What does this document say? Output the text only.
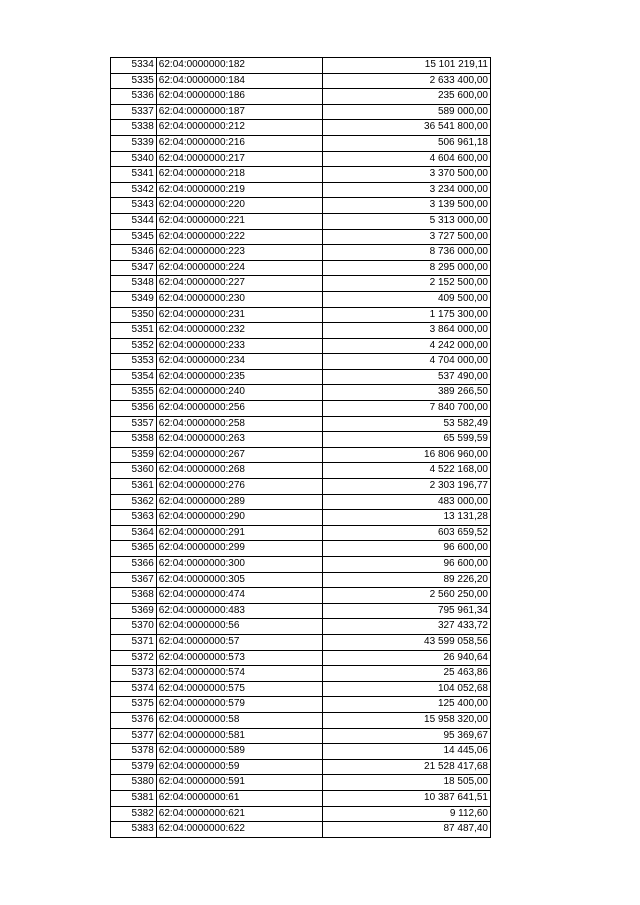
5334	62:04:0000000:182	15 101 219,11
5335	62:04:0000000:184	2 633 400,00
5336	62:04:0000000:186	235 600,00
5337	62:04:0000000:187	589 000,00
5338	62:04:0000000:212	36 541 800,00
5339	62:04:0000000:216	506 961,18
5340	62:04:0000000:217	4 604 600,00
5341	62:04:0000000:218	3 370 500,00
5342	62:04:0000000:219	3 234 000,00
5343	62:04:0000000:220	3 139 500,00
5344	62:04:0000000:221	5 313 000,00
5345	62:04:0000000:222	3 727 500,00
5346	62:04:0000000:223	8 736 000,00
5347	62:04:0000000:224	8 295 000,00
5348	62:04:0000000:227	2 152 500,00
5349	62:04:0000000:230	409 500,00
5350	62:04:0000000:231	1 175 300,00
5351	62:04:0000000:232	3 864 000,00
5352	62:04:0000000:233	4 242 000,00
5353	62:04:0000000:234	4 704 000,00
5354	62:04:0000000:235	537 490,00
5355	62:04:0000000:240	389 266,50
5356	62:04:0000000:256	7 840 700,00
5357	62:04:0000000:258	53 582,49
5358	62:04:0000000:263	65 599,59
5359	62:04:0000000:267	16 806 960,00
5360	62:04:0000000:268	4 522 168,00
5361	62:04:0000000:276	2 303 196,77
5362	62:04:0000000:289	483 000,00
5363	62:04:0000000:290	13 131,28
5364	62:04:0000000:291	603 659,52
5365	62:04:0000000:299	96 600,00
5366	62:04:0000000:300	96 600,00
5367	62:04:0000000:305	89 226,20
5368	62:04:0000000:474	2 560 250,00
5369	62:04:0000000:483	795 961,34
5370	62:04:0000000:56	327 433,72
5371	62:04:0000000:57	43 599 058,56
5372	62:04:0000000:573	26 940,64
5373	62:04:0000000:574	25 463,86
5374	62:04:0000000:575	104 052,68
5375	62:04:0000000:579	125 400,00
5376	62:04:0000000:58	15 958 320,00
5377	62:04:0000000:581	95 369,67
5378	62:04:0000000:589	14 445,06
5379	62:04:0000000:59	21 528 417,68
5380	62:04:0000000:591	18 505,00
5381	62:04:0000000:61	10 387 641,51
5382	62:04:0000000:621	9 112,60
5383	62:04:0000000:622	87 487,40
